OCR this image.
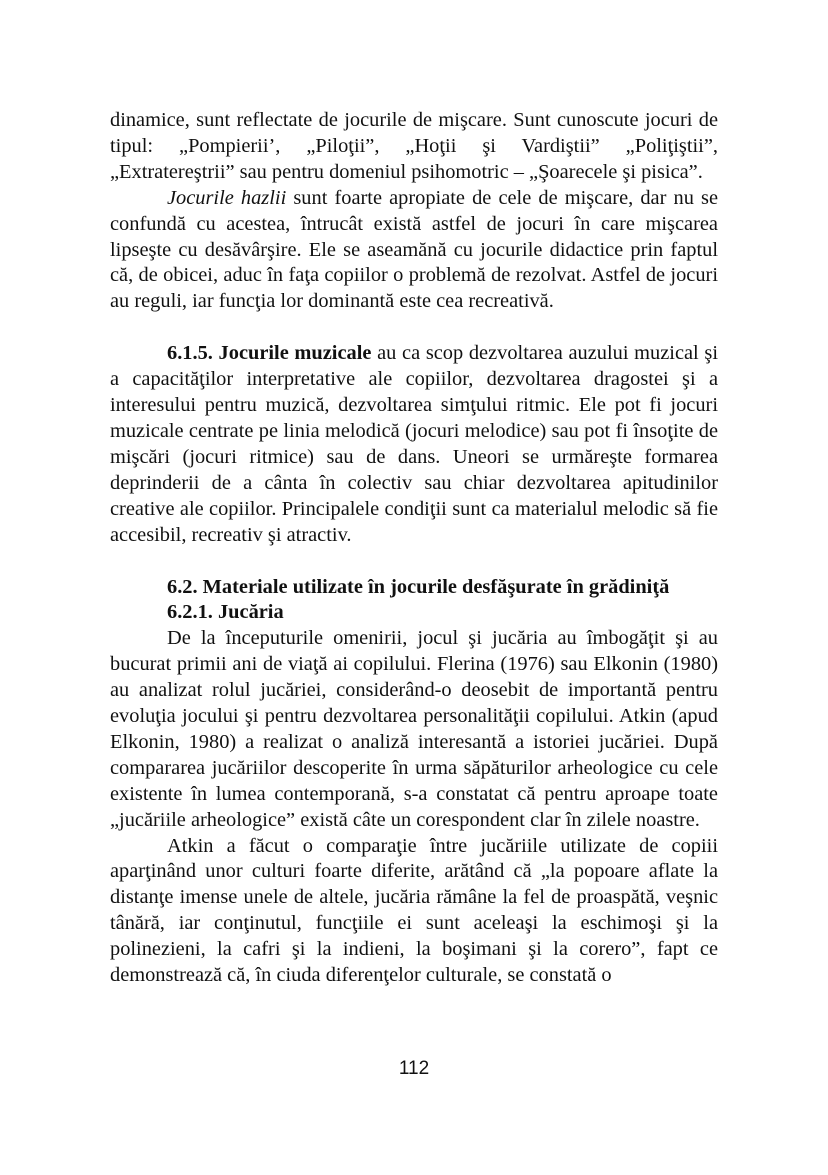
dinamice, sunt reflectate de jocurile de mişcare. Sunt cunoscute jocuri de tipul: „Pompierii’, „Piloţii”, „Hoţii şi Vardiştii” „Poliţiştii”, „Extratereştrii” sau pentru domeniul psihomotric – „Şoarecele şi pisica”.

Jocurile hazlii sunt foarte apropiate de cele de mişcare, dar nu se confundă cu acestea, întrucât există astfel de jocuri în care mişcarea lipseşte cu desăvârşire. Ele se aseamănă cu jocurile didactice prin faptul că, de obicei, aduc în faţa copiilor o problemă de rezolvat. Astfel de jocuri au reguli, iar funcţia lor dominantă este cea recreativă.

6.1.5. Jocurile muzicale au ca scop dezvoltarea auzului muzical şi a capacităţilor interpretative ale copiilor, dezvoltarea dragostei şi a interesului pentru muzică, dezvoltarea simţului ritmic. Ele pot fi jocuri muzicale centrate pe linia melodică (jocuri melodice) sau pot fi însoţite de mişcări (jocuri ritmice) sau de dans. Uneori se urmăreşte formarea deprinderii de a cânta în colectiv sau chiar dezvoltarea apitudinilor creative ale copiilor. Principalele condiţii sunt ca materialul melodic să fie accesibil, recreativ şi atractiv.

6.2. Materiale utilizate în jocurile desfăşurate în grădiniţă

6.2.1. Jucăria

De la începuturile omenirii, jocul şi jucăria au îmbogăţit şi au bucurat primii ani de viaţă ai copilului. Flerina (1976) sau Elkonin (1980) au analizat rolul jucăriei, considerând-o deosebit de importantă pentru evoluţia jocului şi pentru dezvoltarea personalităţii copilului. Atkin (apud Elkonin, 1980) a realizat o analiză interesantă a istoriei jucăriei. După compararea jucăriilor descoperite în urma săpăturilor arheologice cu cele existente în lumea contemporană, s-a constatat că pentru aproape toate „jucăriile arheologice” există câte un corespondent clar în zilele noastre.

Atkin a făcut o comparaţie între jucăriile utilizate de copiii aparţinând unor culturi foarte diferite, arătând că „la popoare aflate la distanţe imense unele de altele, jucăria rămâne la fel de proaspătă, veşnic tânără, iar conţinutul, funcţiile ei sunt aceleaşi la eschimoşi şi la polinezieni, la cafri şi la indieni, la boşimani şi la corero”, fapt ce demonstrează că, în ciuda diferenţelor culturale, se constată o

112
